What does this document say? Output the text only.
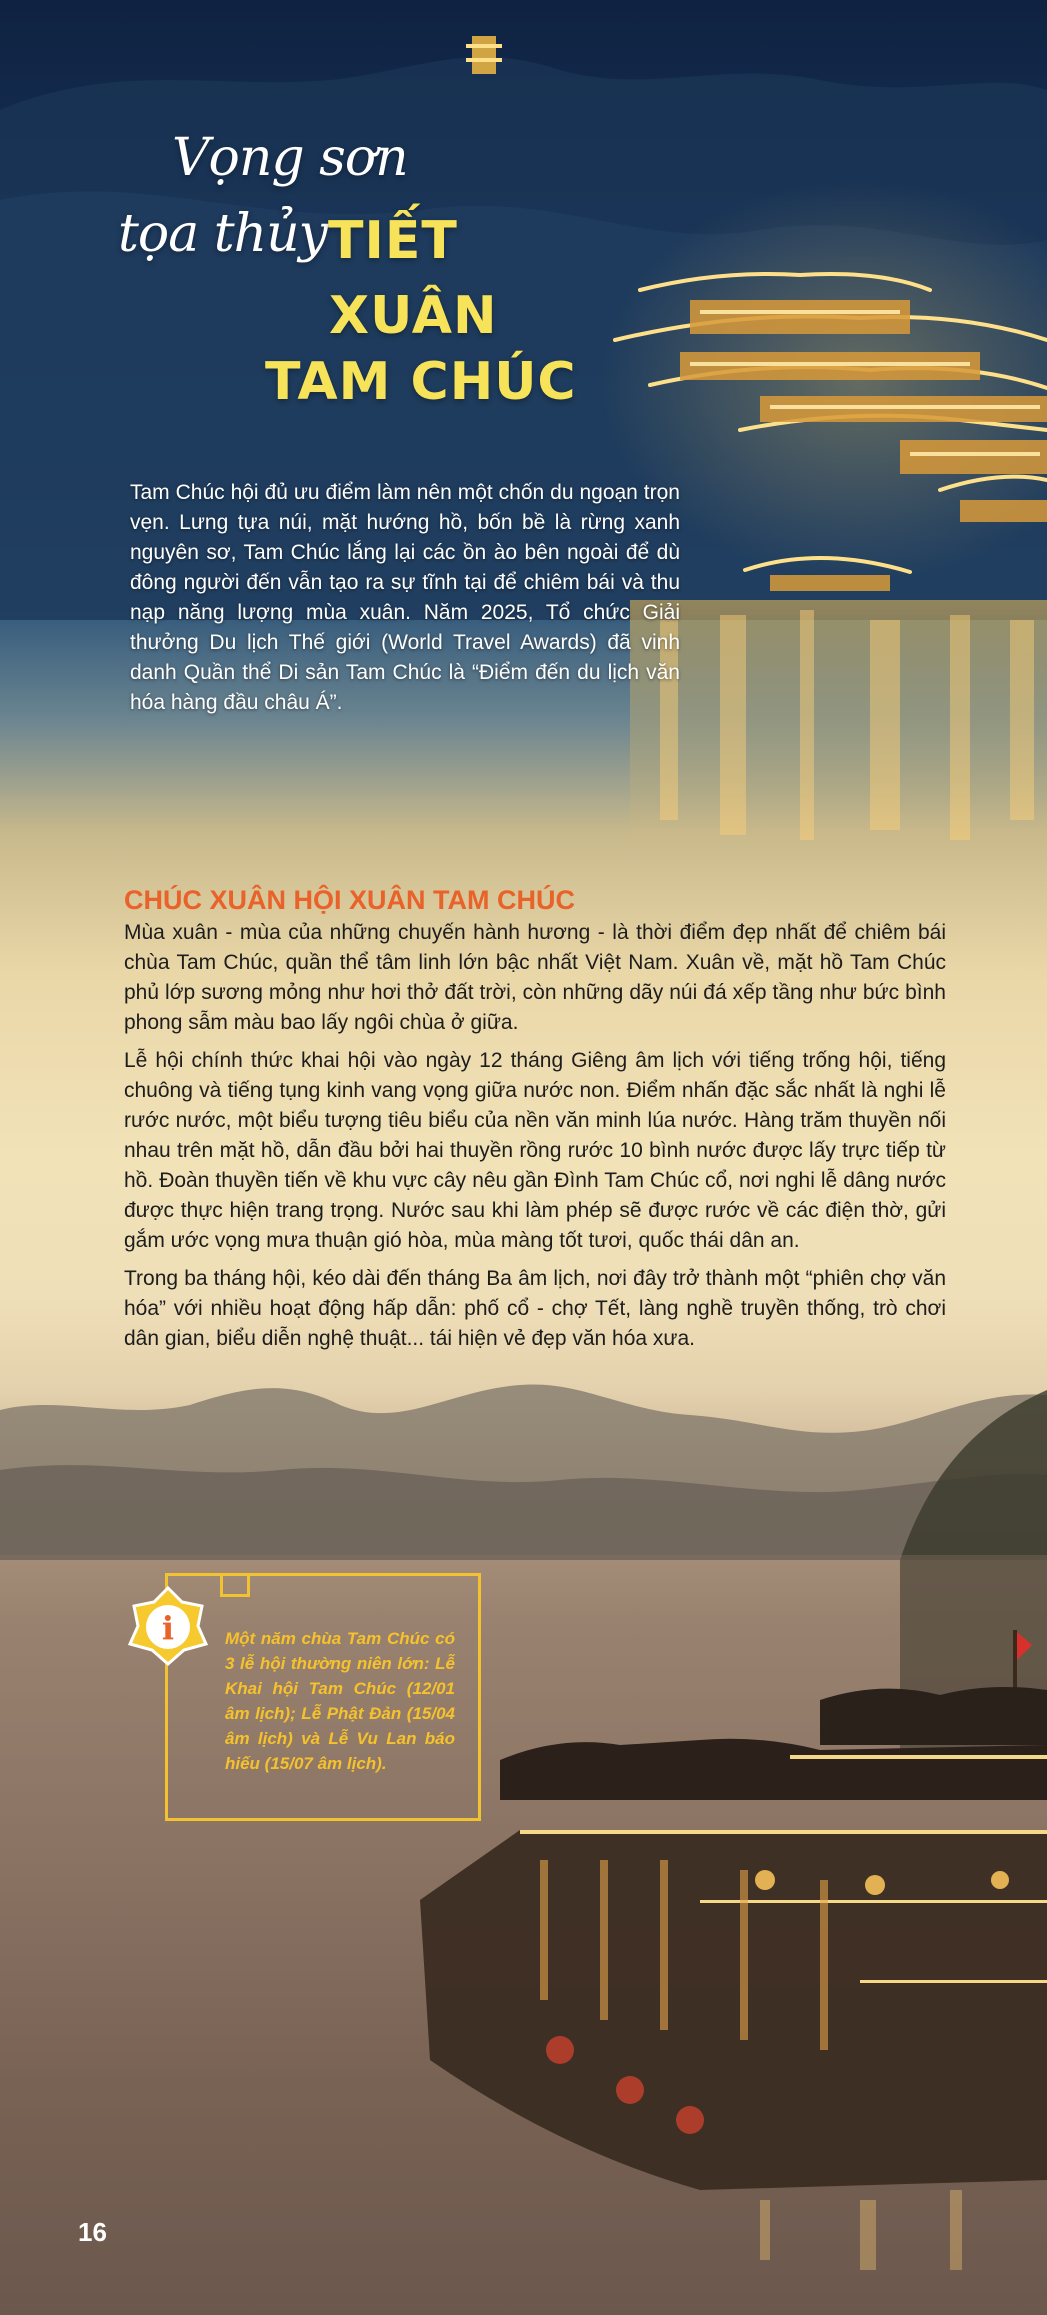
Vọng sơn
tọa thủy TIẾT
XUÂN
TAM CHÚC
Tam Chúc hội đủ ưu điểm làm nên một chốn du ngoạn trọn vẹn. Lưng tựa núi, mặt hướng hồ, bốn bề là rừng xanh nguyên sơ, Tam Chúc lắng lại các ồn ào bên ngoài để dù đông người đến vẫn tạo ra sự tĩnh tại để chiêm bái và thu nạp năng lượng mùa xuân. Năm 2025, Tổ chức Giải thưởng Du lịch Thế giới (World Travel Awards) đã vinh danh Quần thể Di sản Tam Chúc là “Điểm đến du lịch văn hóa hàng đầu châu Á”.
CHÚC XUÂN HỘI XUÂN TAM CHÚC

Mùa xuân - mùa của những chuyến hành hương - là thời điểm đẹp nhất để chiêm bái chùa Tam Chúc, quần thể tâm linh lớn bậc nhất Việt Nam. Xuân về, mặt hồ Tam Chúc phủ lớp sương mỏng như hơi thở đất trời, còn những dãy núi đá xếp tầng như bức bình phong sẫm màu bao lấy ngôi chùa ở giữa.

Lễ hội chính thức khai hội vào ngày 12 tháng Giêng âm lịch với tiếng trống hội, tiếng chuông và tiếng tụng kinh vang vọng giữa nước non. Điểm nhấn đặc sắc nhất là nghi lễ rước nước, một biểu tượng tiêu biểu của nền văn minh lúa nước. Hàng trăm thuyền nối nhau trên mặt hồ, dẫn đầu bởi hai thuyền rồng rước 10 bình nước được lấy trực tiếp từ hồ. Đoàn thuyền tiến về khu vực cây nêu gần Đình Tam Chúc cổ, nơi nghi lễ dâng nước được thực hiện trang trọng. Nước sau khi làm phép sẽ được rước về các điện thờ, gửi gắm ước vọng mưa thuận gió hòa, mùa màng tốt tươi, quốc thái dân an.

Trong ba tháng hội, kéo dài đến tháng Ba âm lịch, nơi đây trở thành một “phiên chợ văn hóa” với nhiều hoạt động hấp dẫn: phố cổ - chợ Tết, làng nghề truyền thống, trò chơi dân gian, biểu diễn nghệ thuật... tái hiện vẻ đẹp văn hóa xưa.

Một năm chùa Tam Chúc có 3 lễ hội thường niên lớn: Lễ Khai hội Tam Chúc (12/01 âm lịch); Lễ Phật Đản (15/04 âm lịch) và Lễ Vu Lan báo hiếu (15/07 âm lịch).
i
16
